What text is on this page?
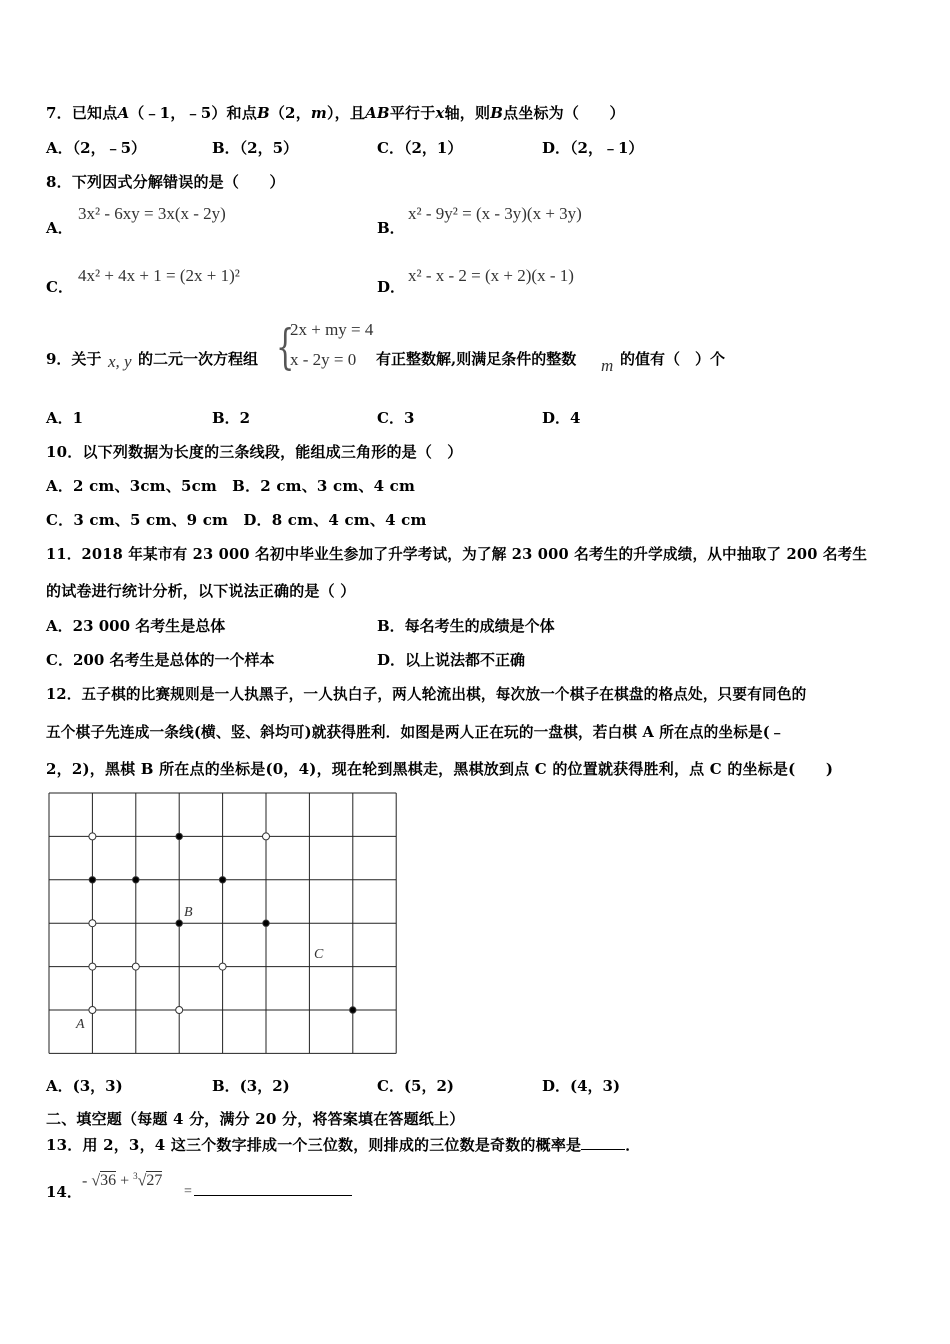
7．已知点A（﹣1，﹣5）和点B（2，m），且AB平行于x轴，则B点坐标为（　　）
A．（2，﹣5）	B．（2，5）	C．（2，1）	D．（2，﹣1）
8．下列因式分解错误的是（　　）
A．
3x² - 6xy = 3x(x - 2y)
B．
x² - 9y² = (x - 3y)(x + 3y)
C．
4x² + 4x + 1 = (2x + 1)²
D．
x² - x - 2 = (x + 2)(x - 1)
9．关于 x, y 的二元一次方程组 {
2x + my = 4
x - 2y = 0 有正整数解,则满足条件的整数 m 的值有（　）个
A．1	B．2	C．3	D．4
10．以下列数据为长度的三条线段，能组成三角形的是（　）
A．2 cm、3cm、5cm　B．2 cm、3 cm、4 cm
C．3 cm、5 cm、9 cm　D．8 cm、4 cm、4 cm
11．2018 年某市有 23 000 名初中毕业生参加了升学考试，为了解 23 000 名考生的升学成绩，从中抽取了 200 名考生
的试卷进行统计分析，以下说法正确的是（ ）
A．23 000 名考生是总体	B．每名考生的成绩是个体
C．200 名考生是总体的一个样本	D．以上说法都不正确
12．五子棋的比赛规则是一人执黑子，一人执白子，两人轮流出棋，每次放一个棋子在棋盘的格点处，只要有同色的
五个棋子先连成一条线(横、竖、斜均可)就获得胜利．如图是两人正在玩的一盘棋，若白棋 A 所在点的坐标是(﹣
2，2)，黑棋 B 所在点的坐标是(0，4)，现在轮到黑棋走，黑棋放到点 C 的位置就获得胜利，点 C 的坐标是(　　)
B
C
A
A．(3，3)	B．(3，2)	C．(5，2)	D．(4，3)
二、填空题（每题 4 分，满分 20 分，将答案填在答题纸上）
13．用 2，3，4 这三个数字排成一个三位数，则排成的三位数是奇数的概率是	．
14．
- √36 + $^3$√27
=
